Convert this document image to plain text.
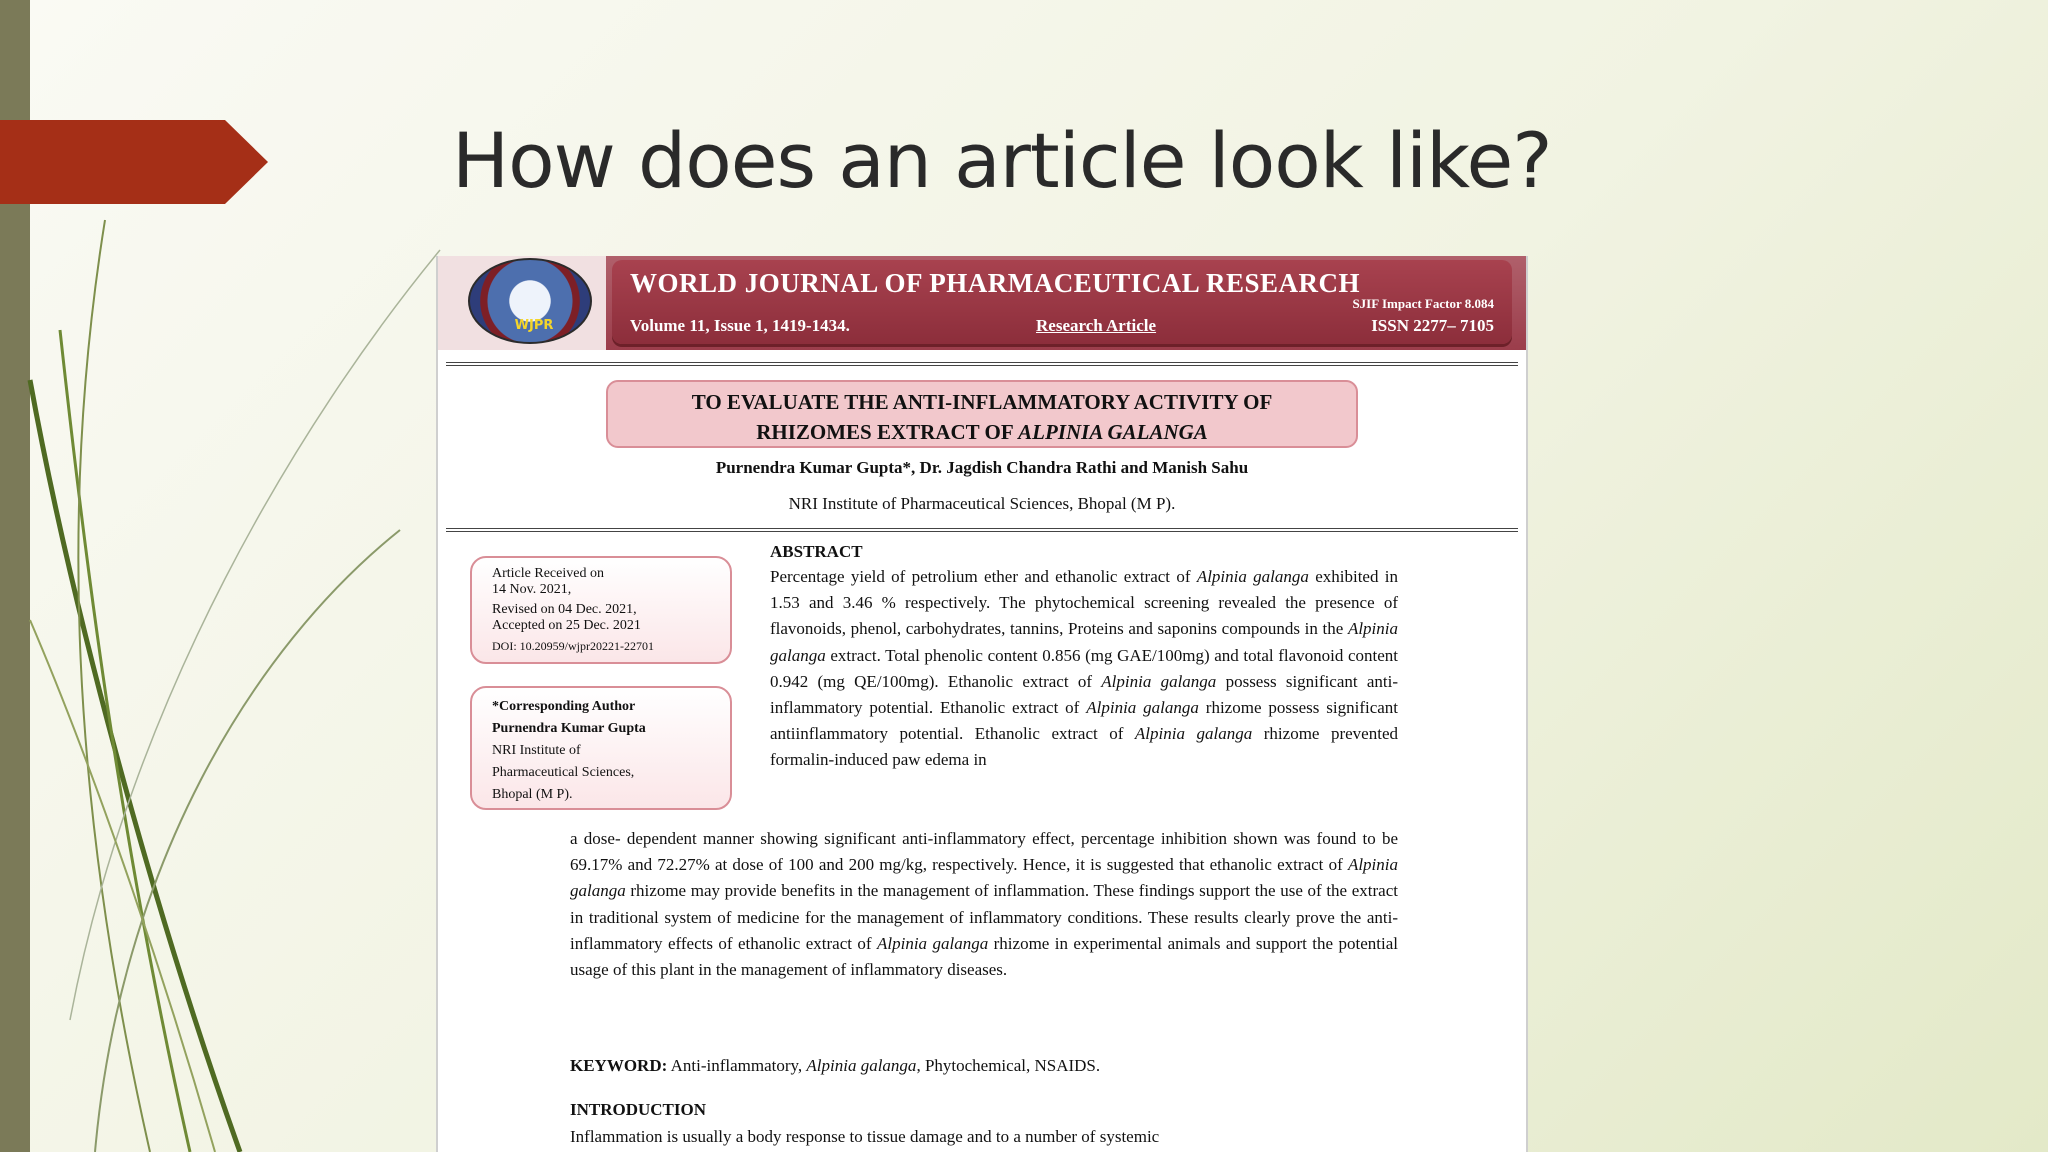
How does an article look like?
WJPR
WORLD JOURNAL OF PHARMACEUTICAL RESEARCH
SJIF Impact Factor 8.084
Volume 11, Issue 1, 1419-1434.	Research Article	ISSN 2277– 7105
TO EVALUATE THE ANTI-INFLAMMATORY ACTIVITY OF
RHIZOMES EXTRACT OF ALPINIA GALANGA
Purnendra Kumar Gupta*, Dr. Jagdish Chandra Rathi and Manish Sahu
NRI Institute of Pharmaceutical Sciences, Bhopal (M P).
Article Received on
14 Nov. 2021,
Revised on 04 Dec. 2021,
Accepted on 25 Dec. 2021
DOI: 10.20959/wjpr20221-22701
*Corresponding Author
Purnendra Kumar Gupta
NRI Institute of
Pharmaceutical Sciences,
Bhopal (M P).
ABSTRACT
Percentage yield of petrolium ether and ethanolic extract of Alpinia galanga exhibited in 1.53 and 3.46 % respectively. The phytochemical screening revealed the presence of flavonoids, phenol, carbohydrates, tannins, Proteins and saponins compounds in the Alpinia galanga extract. Total phenolic content 0.856 (mg GAE/100mg) and total flavonoid content 0.942 (mg QE/100mg). Ethanolic extract of Alpinia galanga possess significant anti-inflammatory potential. Ethanolic extract of Alpinia galanga rhizome possess significant antiinflammatory potential. Ethanolic extract of Alpinia galanga rhizome prevented formalin-induced paw edema in
a dose- dependent manner showing significant anti-inflammatory effect, percentage inhibition shown was found to be 69.17% and 72.27% at dose of 100 and 200 mg/kg, respectively. Hence, it is suggested that ethanolic extract of Alpinia galanga rhizome may provide benefits in the management of inflammation. These findings support the use of the extract in traditional system of medicine for the management of inflammatory conditions. These results clearly prove the anti-inflammatory effects of ethanolic extract of Alpinia galanga rhizome in experimental animals and support the potential usage of this plant in the management of inflammatory diseases.
KEYWORD: Anti-inflammatory, Alpinia galanga, Phytochemical, NSAIDS.
INTRODUCTION
Inflammation is usually a body response to tissue damage and to a number of systemic
